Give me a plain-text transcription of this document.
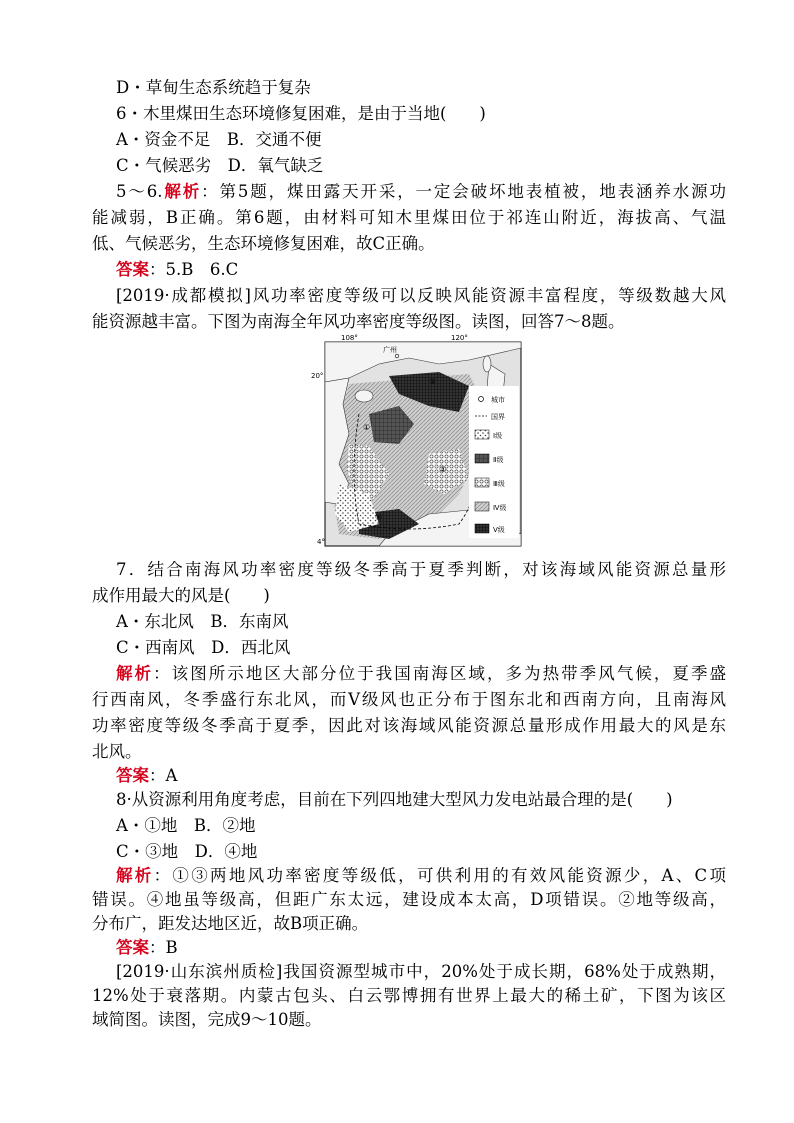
D・草甸生态系统趋于复杂
6・木里煤田生态环境修复困难，是由于当地(　　)
A・资金不足　B．交通不便
C・气候恶劣　D．氧气缺乏
5～6.解析：第5题，煤田露天开采，一定会破坏地表植被，地表涵养水源功
能减弱，B正确。第6题，由材料可知木里煤田位于祁连山附近，海拔高、气温
低、气候恶劣，生态环境修复困难，故C正确。
答案：5.B　6.C
[2019·成都模拟]风功率密度等级可以反映风能资源丰富程度，等级数越大风
能资源越丰富。下图为南海全年风功率密度等级图。读图，回答7～8题。
城市
国界
Ⅰ级
Ⅱ级
Ⅲ级
Ⅳ级
Ⅴ级
108°	120°
20°
4°
广州
①
②
③
④
7．结合南海风功率密度等级冬季高于夏季判断，对该海域风能资源总量形
成作用最大的风是(　　)
A・东北风　B．东南风
C・西南风　D．西北风
解析：该图所示地区大部分位于我国南海区域，多为热带季风气候，夏季盛
行西南风，冬季盛行东北风，而Ⅴ级风也正分布于图东北和西南方向，且南海风
功率密度等级冬季高于夏季，因此对该海域风能资源总量形成作用最大的风是东
北风。
答案：A
8·从资源利用角度考虑，目前在下列四地建大型风力发电站最合理的是(　　)
A・①地　B．②地
C・③地　D．④地
解析：①③两地风功率密度等级低，可供利用的有效风能资源少，A、C项
错误。④地虽等级高，但距广东太远，建设成本太高，D项错误。②地等级高，
分布广，距发达地区近，故B项正确。
答案：B
[2019·山东滨州质检]我国资源型城市中，20%处于成长期，68%处于成熟期，
12%处于衰落期。内蒙古包头、白云鄂博拥有世界上最大的稀土矿，下图为该区
域简图。读图，完成9～10题。
